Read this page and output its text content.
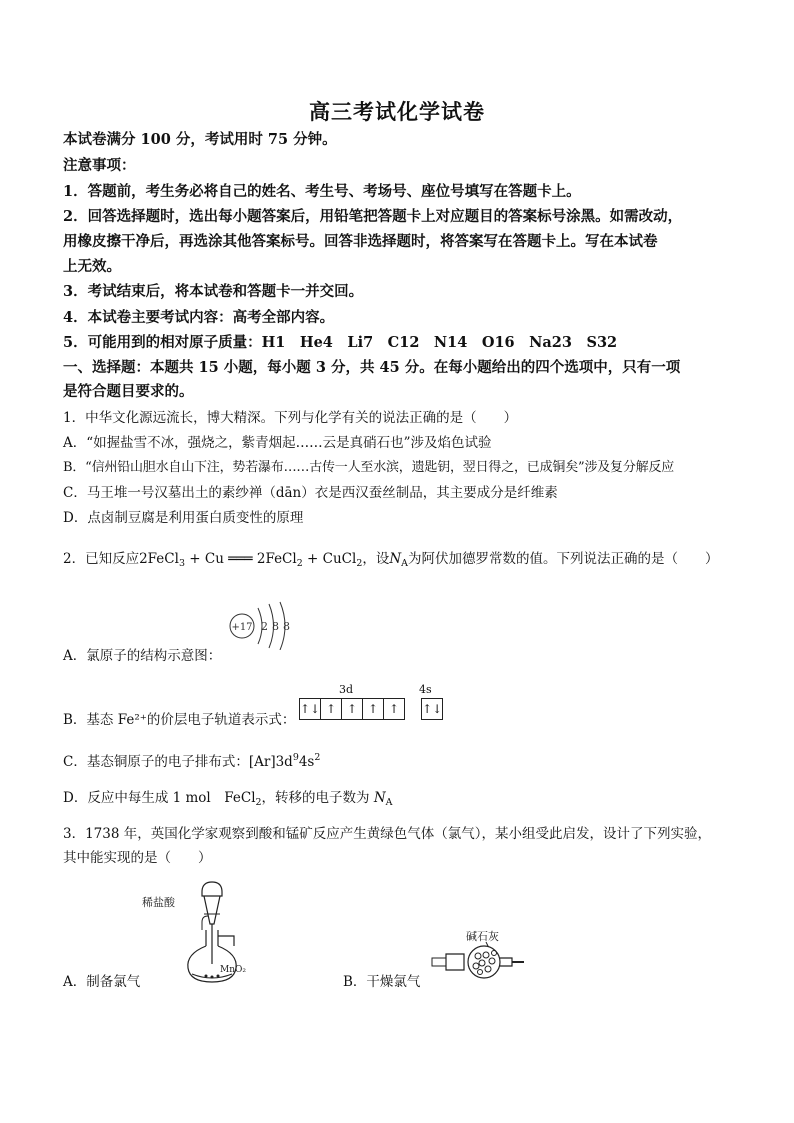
高三考试化学试卷
本试卷满分 100 分，考试用时 75 分钟。
注意事项：
1．答题前，考生务必将自己的姓名、考生号、考场号、座位号填写在答题卡上。
2．回答选择题时，选出每小题答案后，用铅笔把答题卡上对应题目的答案标号涂黑。如需改动，
用橡皮擦干净后，再选涂其他答案标号。回答非选择题时，将答案写在答题卡上。写在本试卷
上无效。
3．考试结束后，将本试卷和答题卡一并交回。
4．本试卷主要考试内容：高考全部内容。
5．可能用到的相对原子质量：H1　He4　Li7　C12　N14　O16　Na23　S32
一、选择题：本题共 15 小题，每小题 3 分，共 45 分。在每小题给出的四个选项中，只有一项
是符合题目要求的。
1．中华文化源远流长，博大精深。下列与化学有关的说法正确的是（　　）
A．“如握盐雪不冰，强烧之，紫青烟起……云是真硝石也”涉及焰色试验
B．“信州铅山胆水自山下注，势若瀑布……古传一人至水滨，遗匙钥，翌日得之，已成铜矣”涉及复分解反应
C．马王堆一号汉墓出土的素纱禅（dān）衣是西汉蚕丝制品，其主要成分是纤维素
D．点卤制豆腐是利用蛋白质变性的原理
2．已知反应2FeCl$_3$ + Cu ═══ 2FeCl$_2$ + CuCl$_2$，设$N_A$为阿伏加德罗常数的值。下列说法正确的是（　　）
A．氯原子的结构示意图：
+17 2 8 8
B．基态 Fe²⁺的价层电子轨道表示式：
3d	4s
↑↓ ↑ ↑ ↑ ↑ ↑↓
C．基态铜原子的电子排布式：$[Ar]3d^94s^2$
D．反应中每生成 1 mol　FeCl$_2$，转移的电子数为 $N_A$
3．1738 年，英国化学家观察到酸和锰矿反应产生黄绿色气体（氯气），某小组受此启发，设计了下列实验，
其中能实现的是（　　）
A．制备氯气
稀盐酸
MnO₂
B．干燥氯气
碱石灰
